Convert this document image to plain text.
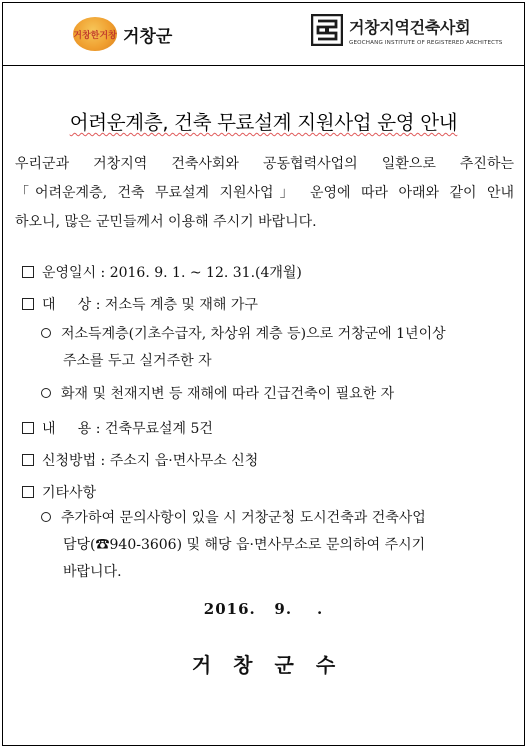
거창한거창 거창군	거창지역건축사회
GEOCHANG INSTITUTE OF REGISTERED ARCHITECTS
어려운계층, 건축 무료설계 지원사업 운영 안내
우리군과 거창지역 건축사회와 공동협력사업의 일환으로 추진하는
「어려운계층, 건축 무료설계 지원사업」 운영에 따라 아래와 같이 안내
하오니, 많은 군민들께서 이용해 주시기 바랍니다.
운영일시 : 2016. 9. 1. ~ 12. 31.(4개월)
대     상 : 저소득 계층 및 재해 가구
저소득계층(기초수급자, 차상위 계층 등)으로 거창군에 1년이상
주소를 두고 실거주한 자
화재 및 천재지변 등 재해에 따라 긴급건축이 필요한 자
내     용 : 건축무료설계 5건
신청방법 : 주소지 읍·면사무소 신청
기타사항
추가하여 문의사항이 있을 시 거창군청 도시건축과 건축사업
담당(☎940-3606) 및 해당 읍·면사무소로 문의하여 주시기
바랍니다.
2016.   9.    .
거창군수
